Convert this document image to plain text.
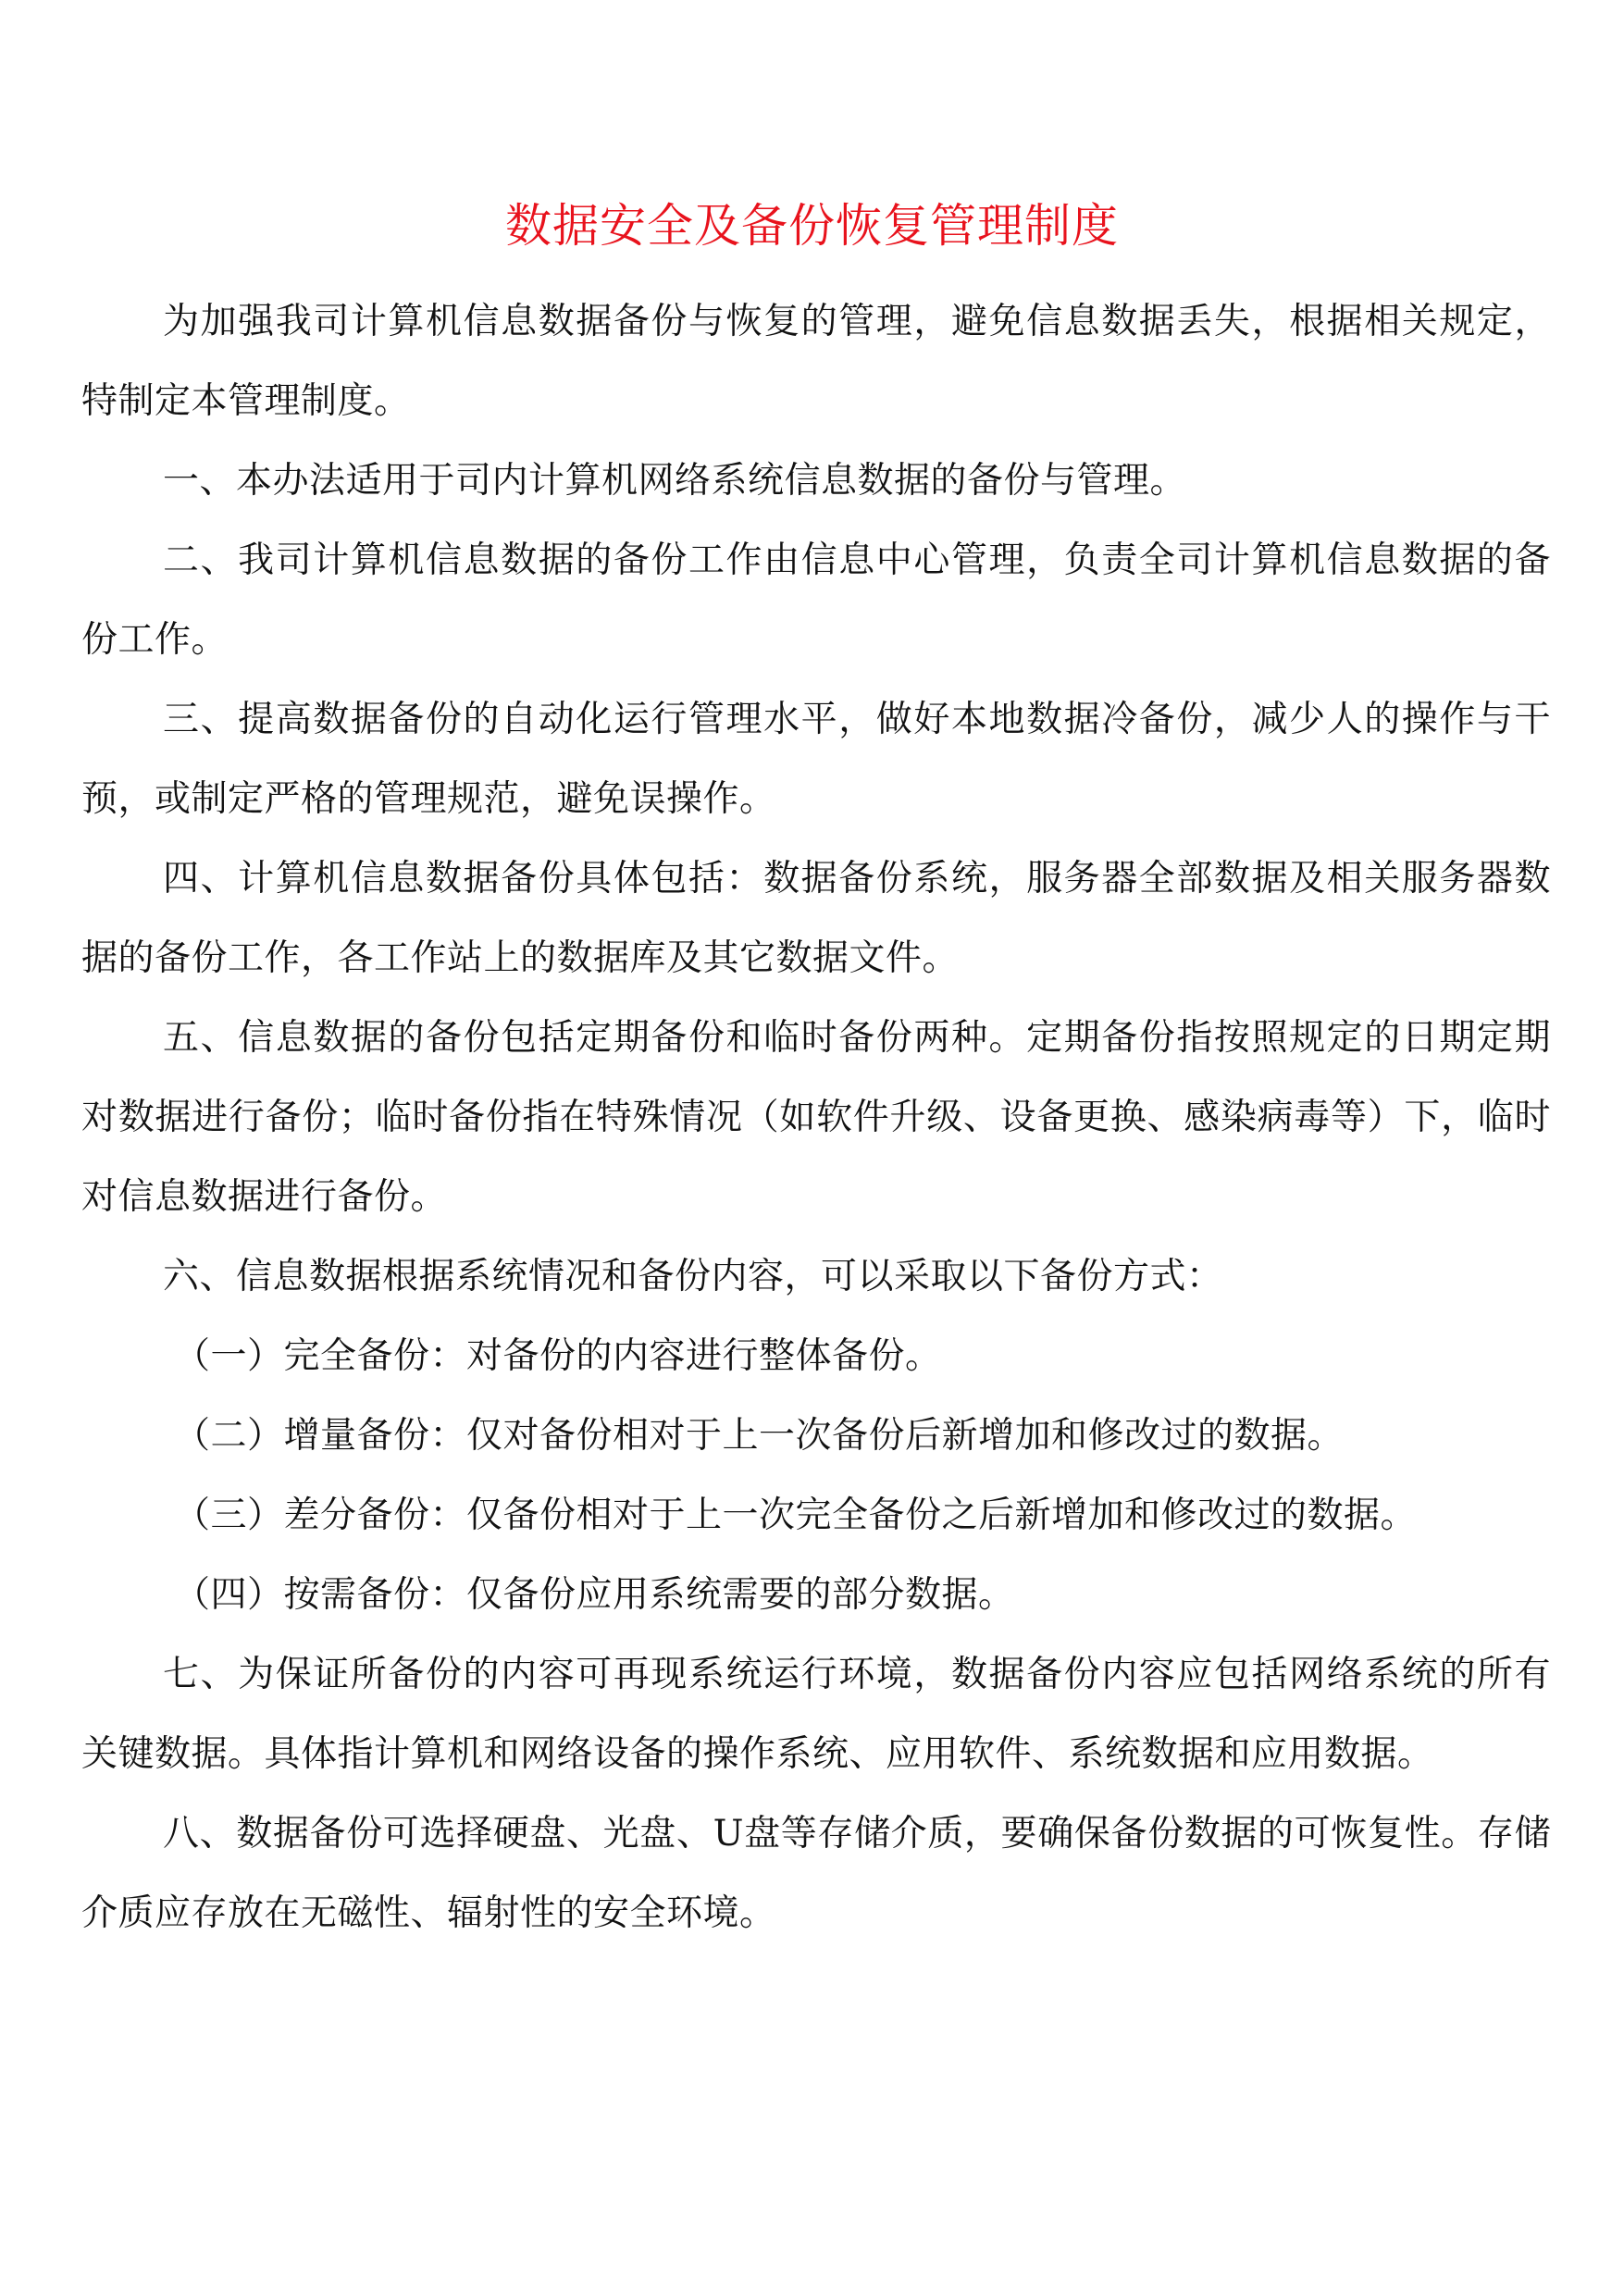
数据安全及备份恢复管理制度

为加强我司计算机信息数据备份与恢复的管理，避免信息数据丢失，根据相关规定，特制定本管理制度。

一、本办法适用于司内计算机网络系统信息数据的备份与管理。

二、我司计算机信息数据的备份工作由信息中心管理，负责全司计算机信息数据的备份工作。

三、提高数据备份的自动化运行管理水平，做好本地数据冷备份，减少人的操作与干预，或制定严格的管理规范，避免误操作。

四、计算机信息数据备份具体包括：数据备份系统，服务器全部数据及相关服务器数据的备份工作，各工作站上的数据库及其它数据文件。

五、信息数据的备份包括定期备份和临时备份两种。定期备份指按照规定的日期定期对数据进行备份；临时备份指在特殊情况（如软件升级、设备更换、感染病毒等）下，临时对信息数据进行备份。

六、信息数据根据系统情况和备份内容，可以采取以下备份方式：

（一）完全备份：对备份的内容进行整体备份。

（二）增量备份：仅对备份相对于上一次备份后新增加和修改过的数据。

（三）差分备份：仅备份相对于上一次完全备份之后新增加和修改过的数据。

（四）按需备份：仅备份应用系统需要的部分数据。

七、为保证所备份的内容可再现系统运行环境，数据备份内容应包括网络系统的所有关键数据。具体指计算机和网络设备的操作系统、应用软件、系统数据和应用数据。

八、数据备份可选择硬盘、光盘、U盘等存储介质，要确保备份数据的可恢复性。存储介质应存放在无磁性、辐射性的安全环境。
